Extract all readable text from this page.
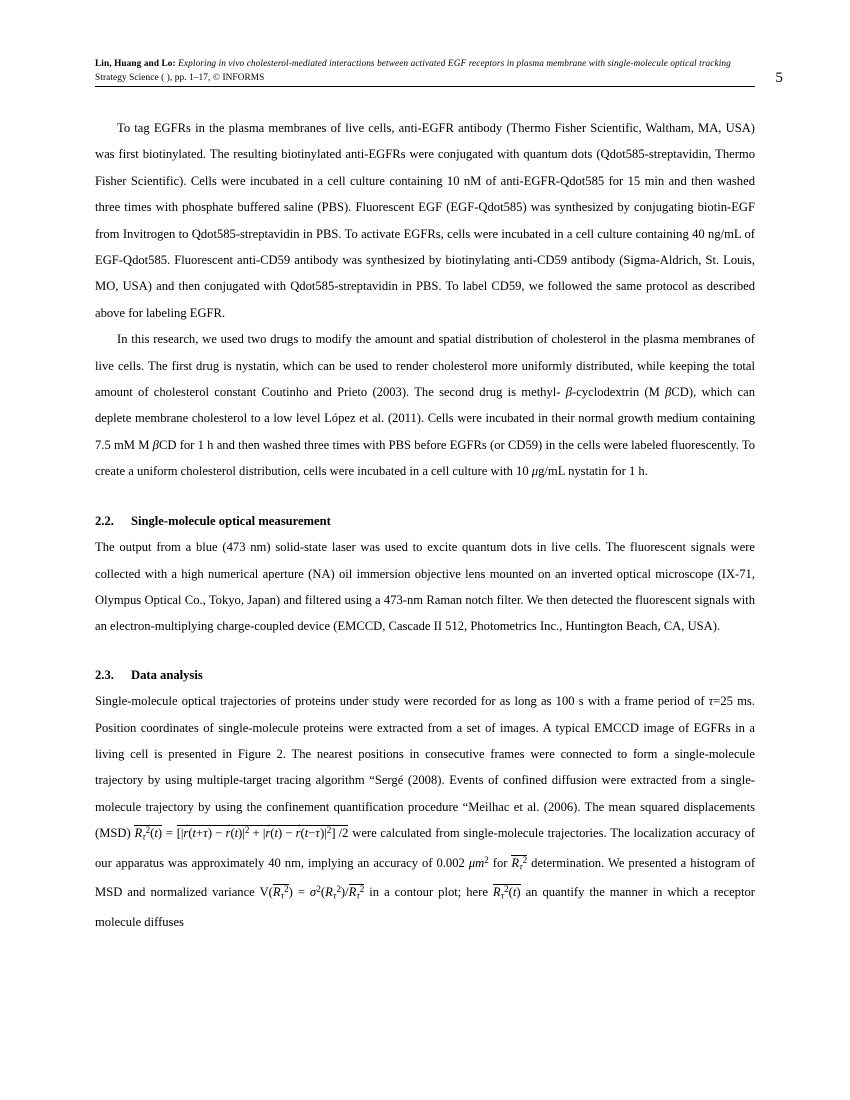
Lin, Huang and Lo: Exploring in vivo cholesterol-mediated interactions between activated EGF receptors in plasma membrane with single-molecule optical tracking
Strategy Science ( ), pp. 1–17, © INFORMS	5

To tag EGFRs in the plasma membranes of live cells, anti-EGFR antibody (Thermo Fisher Scientific, Waltham, MA, USA) was first biotinylated. The resulting biotinylated anti-EGFRs were conjugated with quantum dots (Qdot585-streptavidin, Thermo Fisher Scientific). Cells were incubated in a cell culture containing 10 nM of anti-EGFR-Qdot585 for 15 min and then washed three times with phosphate buffered saline (PBS). Fluorescent EGF (EGF-Qdot585) was synthesized by conjugating biotin-EGF from Invitrogen to Qdot585-streptavidin in PBS. To activate EGFRs, cells were incubated in a cell culture containing 40 ng/mL of EGF-Qdot585. Fluorescent anti-CD59 antibody was synthesized by biotinylating anti-CD59 antibody (Sigma-Aldrich, St. Louis, MO, USA) and then conjugated with Qdot585-streptavidin in PBS. To label CD59, we followed the same protocol as described above for labeling EGFR.

In this research, we used two drugs to modify the amount and spatial distribution of cholesterol in the plasma membranes of live cells. The first drug is nystatin, which can be used to render cholesterol more uniformly distributed, while keeping the total amount of cholesterol constant Coutinho and Prieto (2003). The second drug is methyl- β-cyclodextrin (M βCD), which can deplete membrane cholesterol to a low level López et al. (2011). Cells were incubated in their normal growth medium containing 7.5 mM M βCD for 1 h and then washed three times with PBS before EGFRs (or CD59) in the cells were labeled fluorescently. To create a uniform cholesterol distribution, cells were incubated in a cell culture with 10 μg/mL nystatin for 1 h.

2.2. Single-molecule optical measurement

The output from a blue (473 nm) solid-state laser was used to excite quantum dots in live cells. The fluorescent signals were collected with a high numerical aperture (NA) oil immersion objective lens mounted on an inverted optical microscope (IX-71, Olympus Optical Co., Tokyo, Japan) and filtered using a 473-nm Raman notch filter. We then detected the fluorescent signals with an electron-multiplying charge-coupled device (EMCCD, Cascade II 512, Photometrics Inc., Huntington Beach, CA, USA).

2.3. Data analysis

Single-molecule optical trajectories of proteins under study were recorded for as long as 100 s with a frame period of τ=25 ms. Position coordinates of single-molecule proteins were extracted from a set of images. A typical EMCCD image of EGFRs in a living cell is presented in Figure 2. The nearest positions in consecutive frames were connected to form a single-molecule trajectory by using multiple-target tracing algorithm “Sergé (2008). Events of confined diffusion were extracted from a single-molecule trajectory by using the confinement quantification procedure “Meilhac et al. (2006). The mean squared displacements (MSD) $R_\tau^2(t) = [|r \to(t+\tau) - r \to(t)|^2 + |r \to(t) - r \to(t-\tau)|^2]$ /2 were calculated from single-molecule trajectories. The localization accuracy of our apparatus was approximately 40 nm, implying an accuracy of 0.002 $\mu m^2$ for $R_\tau^2$ determination. We presented a histogram of MSD and normalized variance $V(R_\tau^2) = \sigma^2(R_\tau^2)/R_\tau^2$ in a contour plot; here $R_\tau^2(t)$ an quantify the manner in which a receptor molecule diffuses
